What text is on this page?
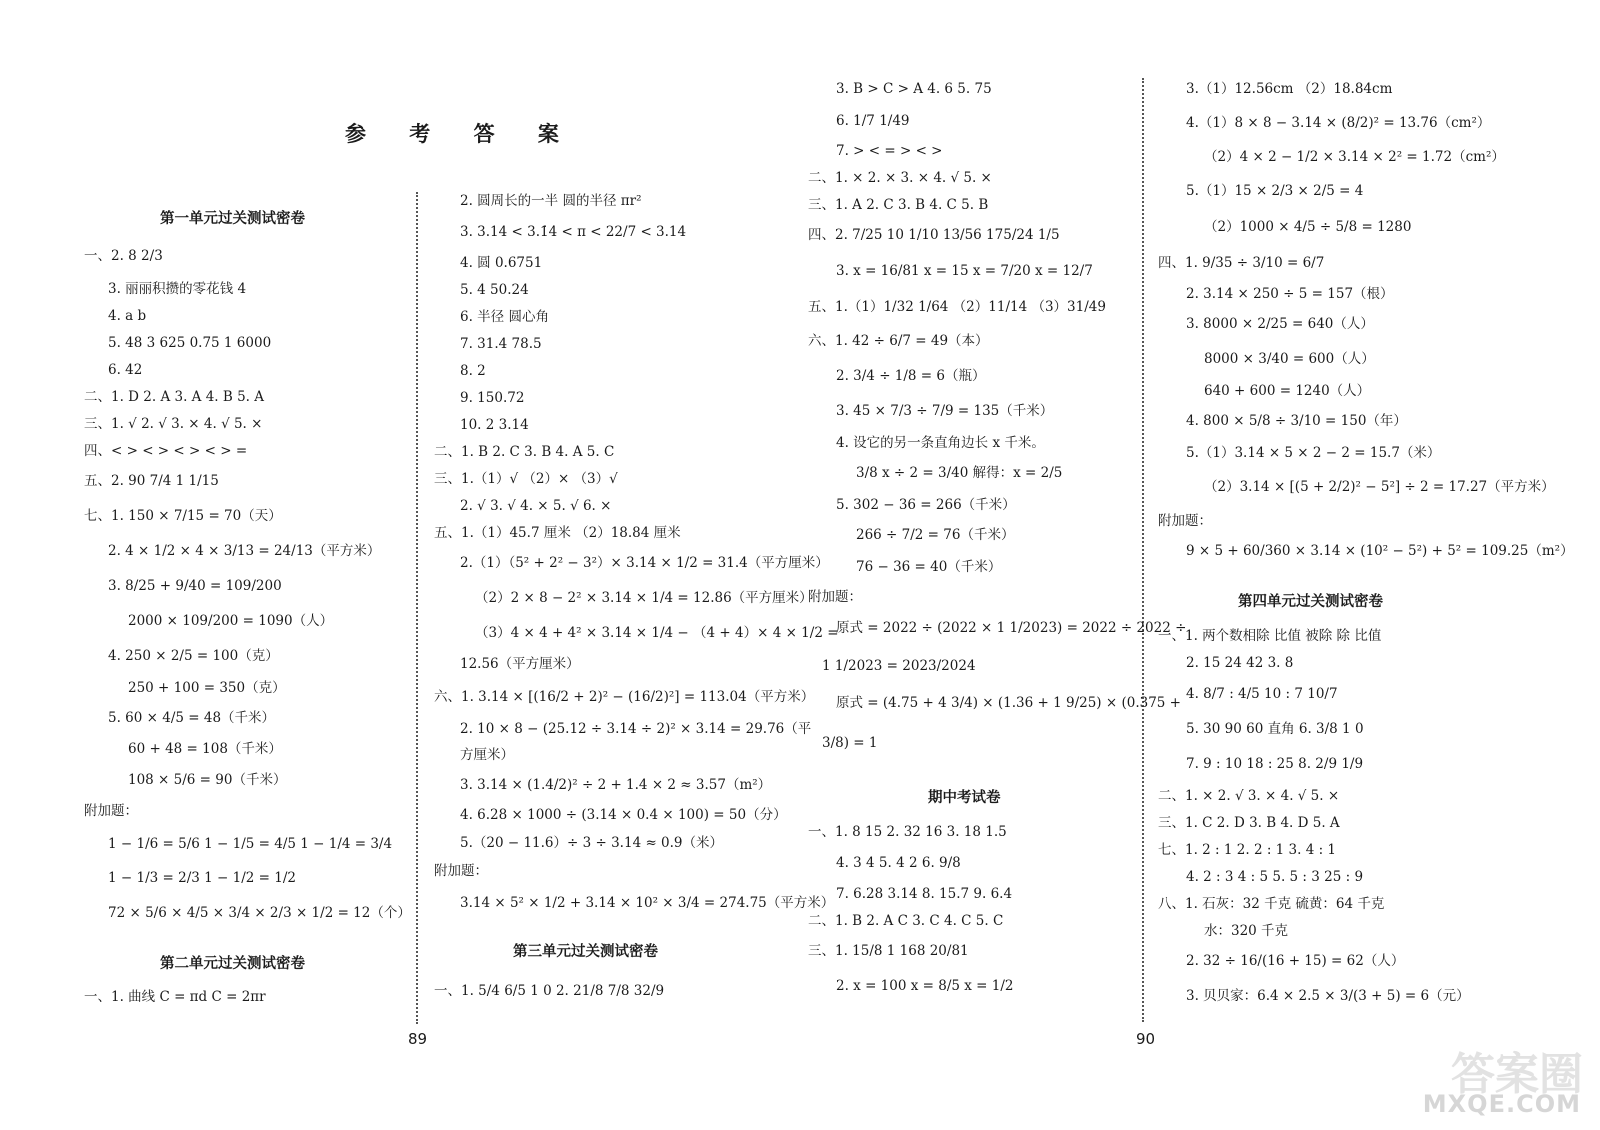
参 考 答 案
第一单元过关测试密卷
一、2. 8 2/3
3. 丽丽积攒的零花钱 4
4. a b
5. 48 3 625 0.75 1 6000
6. 42
二、1. D 2. A 3. A 4. B 5. A
三、1. √ 2. √ 3. × 4. √ 5. ×
四、< > < > < > < > =
五、2. 90 7/4 1 1/15
七、1. 150 × 7/15 = 70（天）
2. 4 × 1/2 × 4 × 3/13 = 24/13（平方米）
3. 8/25 + 9/40 = 109/200
2000 × 109/200 = 1090（人）
4. 250 × 2/5 = 100（克）
250 + 100 = 350（克）
5. 60 × 4/5 = 48（千米）
60 + 48 = 108（千米）
108 × 5/6 = 90（千米）
附加题：
1 − 1/6 = 5/6 1 − 1/5 = 4/5 1 − 1/4 = 3/4
1 − 1/3 = 2/3 1 − 1/2 = 1/2
72 × 5/6 × 4/5 × 3/4 × 2/3 × 1/2 = 12（个）
第二单元过关测试密卷
一、1. 曲线 C = πd C = 2πr
2. 圆周长的一半 圆的半径 πr²
3. 3.14 < 3.1̇4̇ < π < 22/7 < 3.14̇
4. 圆 0.6751
5. 4 50.24
6. 半径 圆心角
7. 31.4 78.5
8. 2
9. 150.72
10. 2 3.14
二、1. B 2. C 3. B 4. A 5. C
三、1.（1）√ （2）× （3）√
2. √ 3. √ 4. × 5. √ 6. ×
五、1.（1）45.7 厘米 （2）18.84 厘米
2.（1）（5² + 2² − 3²）× 3.14 × 1/2 = 31.4（平方厘米）
（2）2 × 8 − 2² × 3.14 × 1/4 = 12.86（平方厘米）
（3）4 × 4 + 4² × 3.14 × 1/4 − （4 + 4）× 4 × 1/2 =
12.56（平方厘米）
六、1. 3.14 × [(16/2 + 2)² − (16/2)²] = 113.04（平方米）
2. 10 × 8 − (25.12 ÷ 3.14 ÷ 2)² × 3.14 = 29.76（平
方厘米）
3. 3.14 × (1.4/2)² ÷ 2 + 1.4 × 2 ≈ 3.57（m²）
4. 6.28 × 1000 ÷ (3.14 × 0.4 × 100) = 50（分）
5.（20 − 11.6）÷ 3 ÷ 3.14 ≈ 0.9（米）
附加题：
3.14 × 5² × 1/2 + 3.14 × 10² × 3/4 = 274.75（平方米）
第三单元过关测试密卷
一、1. 5/4 6/5 1 0 2. 21/8 7/8 32/9
3. B > C > A 4. 6 5. 75
6. 1/7 1/49
7. > < = > < >
二、1. × 2. × 3. × 4. √ 5. ×
三、1. A 2. C 3. B 4. C 5. B
四、2. 7/25 10 1/10 13/56 175/24 1/5
3. x = 16/81 x = 15 x = 7/20 x = 12/7
五、1.（1）1/32 1/64 （2）11/14 （3）31/49
六、1. 42 ÷ 6/7 = 49（本）
2. 3/4 ÷ 1/8 = 6（瓶）
3. 45 × 7/3 ÷ 7/9 = 135（千米）
4. 设它的另一条直角边长 x 千米。
3/8 x ÷ 2 = 3/40 解得：x = 2/5
5. 302 − 36 = 266（千米）
266 ÷ 7/2 = 76（千米）
76 − 36 = 40（千米）
附加题：
原式 = 2022 ÷ (2022 × 1 1/2023) = 2022 ÷ 2022 ÷
1 1/2023 = 2023/2024
原式 = (4.75 + 4 3/4) × (1.36 + 1 9/25) × (0.375 +
3/8) = 1
期中考试卷
一、1. 8 15 2. 32 16 3. 18 1.5
4. 3 4 5. 4 2 6. 9/8
7. 6.28 3.14 8. 15.7 9. 6.4
二、1. B 2. A C 3. C 4. C 5. C
三、1. 15/8 1 168 20/81
2. x = 100 x = 8/5 x = 1/2
3.（1）12.56cm （2）18.84cm
4.（1）8 × 8 − 3.14 × (8/2)² = 13.76（cm²）
（2）4 × 2 − 1/2 × 3.14 × 2² = 1.72（cm²）
5.（1）15 × 2/3 × 2/5 = 4
（2）1000 × 4/5 ÷ 5/8 = 1280
四、1. 9/35 ÷ 3/10 = 6/7
2. 3.14 × 250 ÷ 5 = 157（根）
3. 8000 × 2/25 = 640（人）
8000 × 3/40 = 600（人）
640 + 600 = 1240（人）
4. 800 × 5/8 ÷ 3/10 = 150（年）
5.（1）3.14 × 5 × 2 − 2 = 15.7（米）
（2）3.14 × [(5 + 2/2)² − 5²] ÷ 2 = 17.27（平方米）
附加题：
9 × 5 + 60/360 × 3.14 × (10² − 5²) + 5² = 109.25（m²）
第四单元过关测试密卷
一、1. 两个数相除 比值 被除 除 比值
2. 15 24 42 3. 8
4. 8/7 : 4/5 10 : 7 10/7
5. 30 90 60 直角 6. 3/8 1 0
7. 9 : 10 18 : 25 8. 2/9 1/9
二、1. × 2. √ 3. × 4. √ 5. ×
三、1. C 2. D 3. B 4. D 5. A
七、1. 2 : 1 2. 2 : 1 3. 4 : 1
4. 2 : 3 4 : 5 5. 5 : 3 25 : 9
八、1. 石灰：32 千克 硫黄：64 千克
水：320 千克
2. 32 ÷ 16/(16 + 15) = 62（人）
3. 贝贝家：6.4 × 2.5 × 3/(3 + 5) = 6（元）
89	90
答案圈
MXQE.COM
